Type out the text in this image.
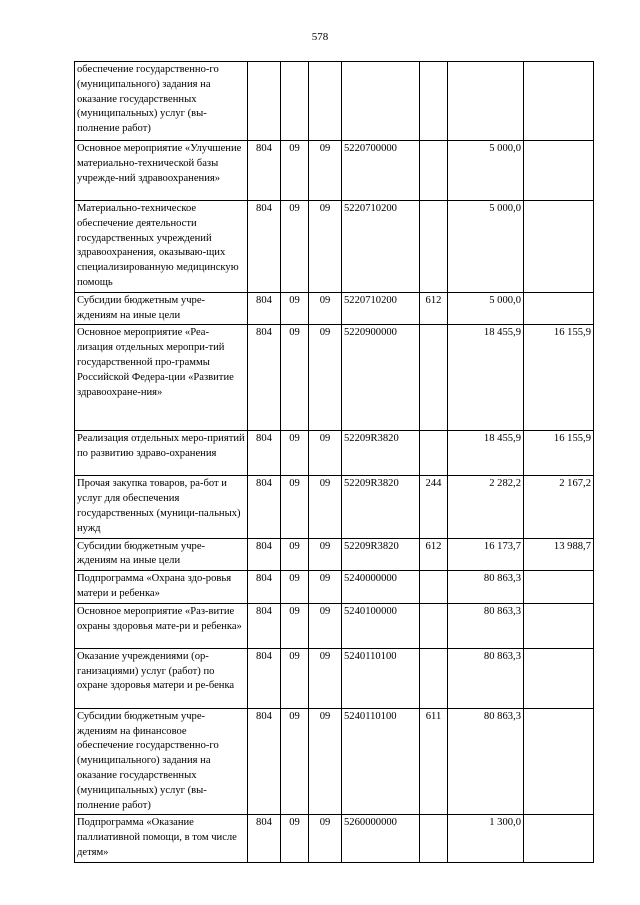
578
обеспечение государственно-го (муниципального) задания на оказание государственных (муниципальных) услуг (вы-полнение работ)							
Основное мероприятие «Улучшение материально-технической базы учрежде-ний здравоохранения»	804	09	09	5220700000		5 000,0	
Материально-техническое обеспечение деятельности государственных учреждений здравоохранения, оказываю-щих специализированную медицинскую помощь	804	09	09	5220710200		5 000,0	
Субсидии бюджетным учре-ждениям на иные цели	804	09	09	5220710200	612	5 000,0	
Основное мероприятие «Реа-лизация отдельных меропри-тий государственной про-граммы Российской Федера-ции «Развитие здравоохране-ния»	804	09	09	5220900000		18 455,9	16 155,9
Реализация отдельных меро-приятий по развитию здраво-охранения	804	09	09	52209R3820		18 455,9	16 155,9
Прочая закупка товаров, ра-бот и услуг для обеспечения государственных (муници-пальных) нужд	804	09	09	52209R3820	244	2 282,2	2 167,2
Субсидии бюджетным учре-ждениям на иные цели	804	09	09	52209R3820	612	16 173,7	13 988,7
Подпрограмма «Охрана здо-ровья матери и ребенка»	804	09	09	5240000000		80 863,3	
Основное мероприятие «Раз-витие охраны здоровья мате-ри и ребенка»	804	09	09	5240100000		80 863,3	
Оказание учреждениями (ор-ганизациями) услуг (работ) по охране здоровья матери и ре-бенка	804	09	09	5240110100		80 863,3	
Субсидии бюджетным учре-ждениям на финансовое обеспечение государственно-го (муниципального) задания на оказание государственных (муниципальных) услуг (вы-полнение работ)	804	09	09	5240110100	611	80 863,3	
Подпрограмма «Оказание паллиативной помощи, в том числе детям»	804	09	09	5260000000		1 300,0	
